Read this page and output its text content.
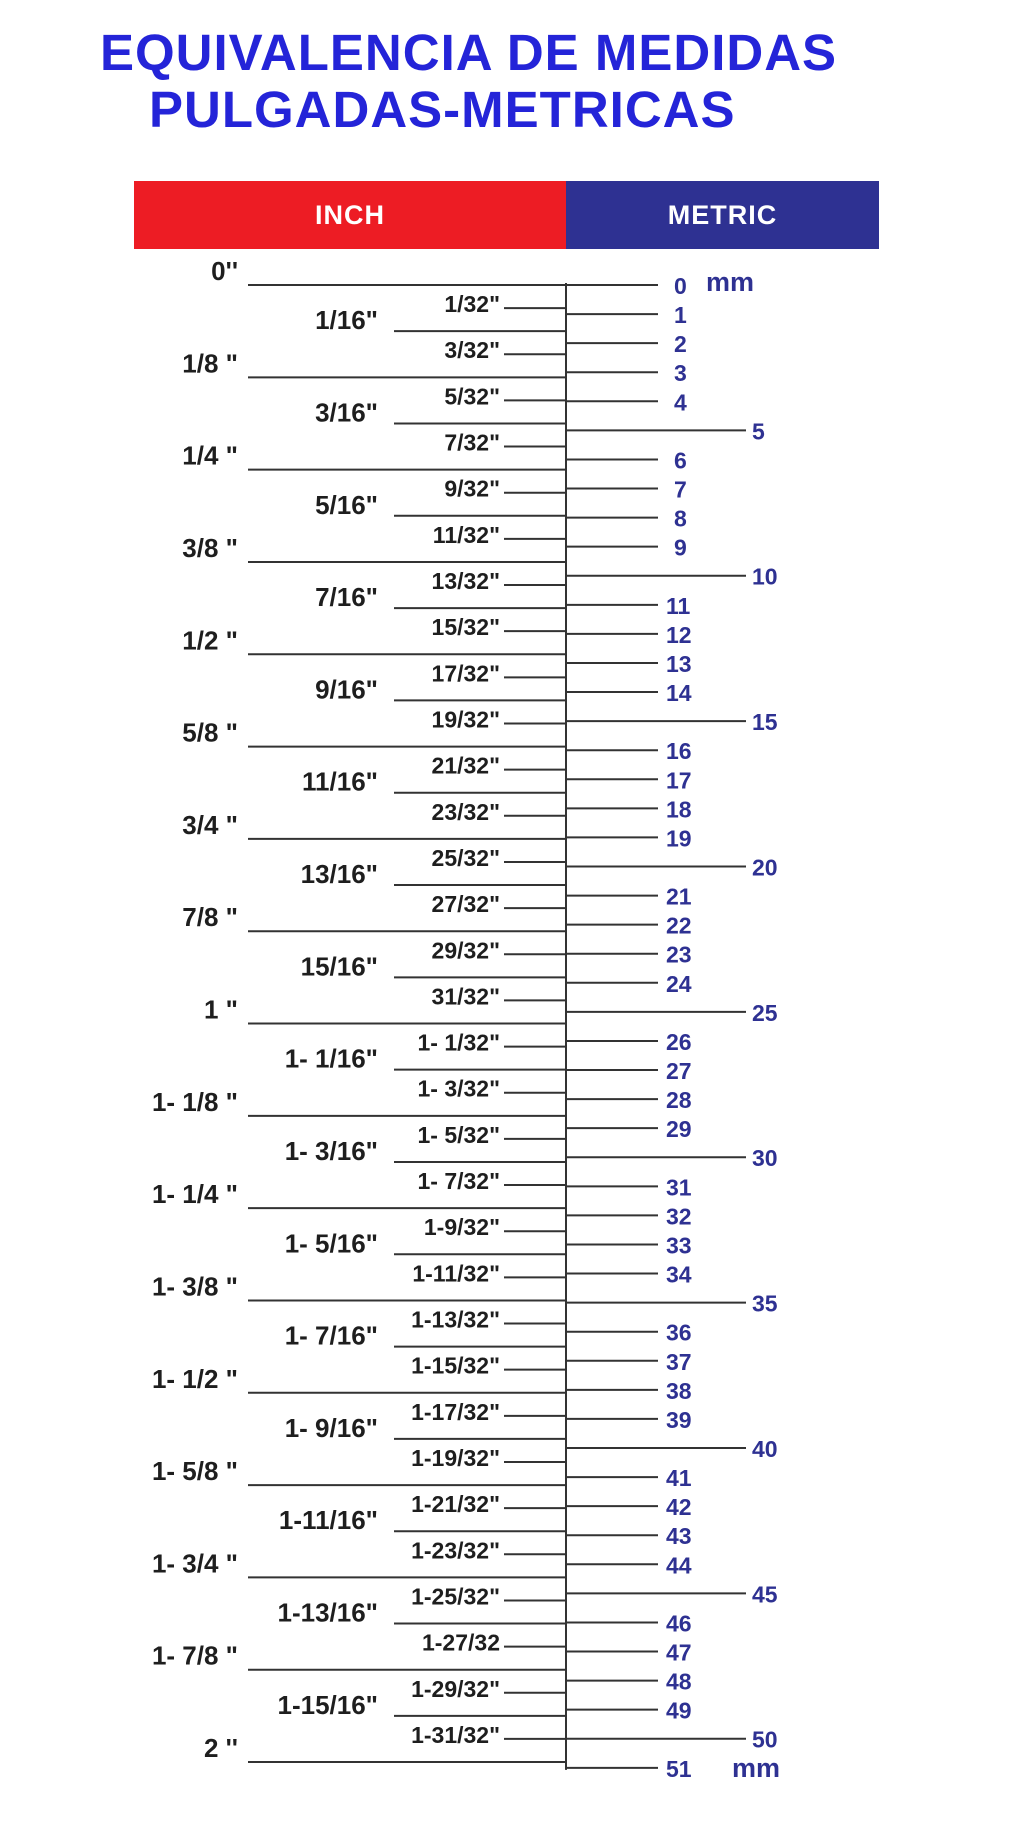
EQUIVALENCIA DE MEDIDAS
PULGADAS-METRICAS
INCH	METRIC
0''
1/8 "
1/4 "
3/8 "
1/2 "
5/8 "
3/4 "
7/8 "
1 "
1- 1/8 "
1- 1/4 "
1- 3/8 "
1- 1/2 "
1- 5/8 "
1- 3/4 "
1- 7/8 "
2 ''
1/16"
3/16"
5/16"
7/16"
9/16"
11/16"
13/16"
15/16"
1- 1/16"
1- 3/16"
1- 5/16"
1- 7/16"
1- 9/16"
1-11/16"
1-13/16"
1-15/16"
1/32"
3/32"
5/32"
7/32"
9/32"
11/32"
13/32"
15/32"
17/32"
19/32"
21/32"
23/32"
25/32"
27/32"
29/32"
31/32"
1- 1/32"
1- 3/32"
1- 5/32"
1- 7/32"
1-9/32"
1-11/32"
1-13/32"
1-15/32"
1-17/32"
1-19/32"
1-21/32"
1-23/32"
1-25/32"
1-27/32
1-29/32"
1-31/32"
0
1
2
3
4
5
6
7
8
9
10
11
12
13
14
15
16
17
18
19
20
21
22
23
24
25
26
27
28
29
30
31
32
33
34
35
36
37
38
39
40
41
42
43
44
45
46
47
48
49
50
51
mm
mm
